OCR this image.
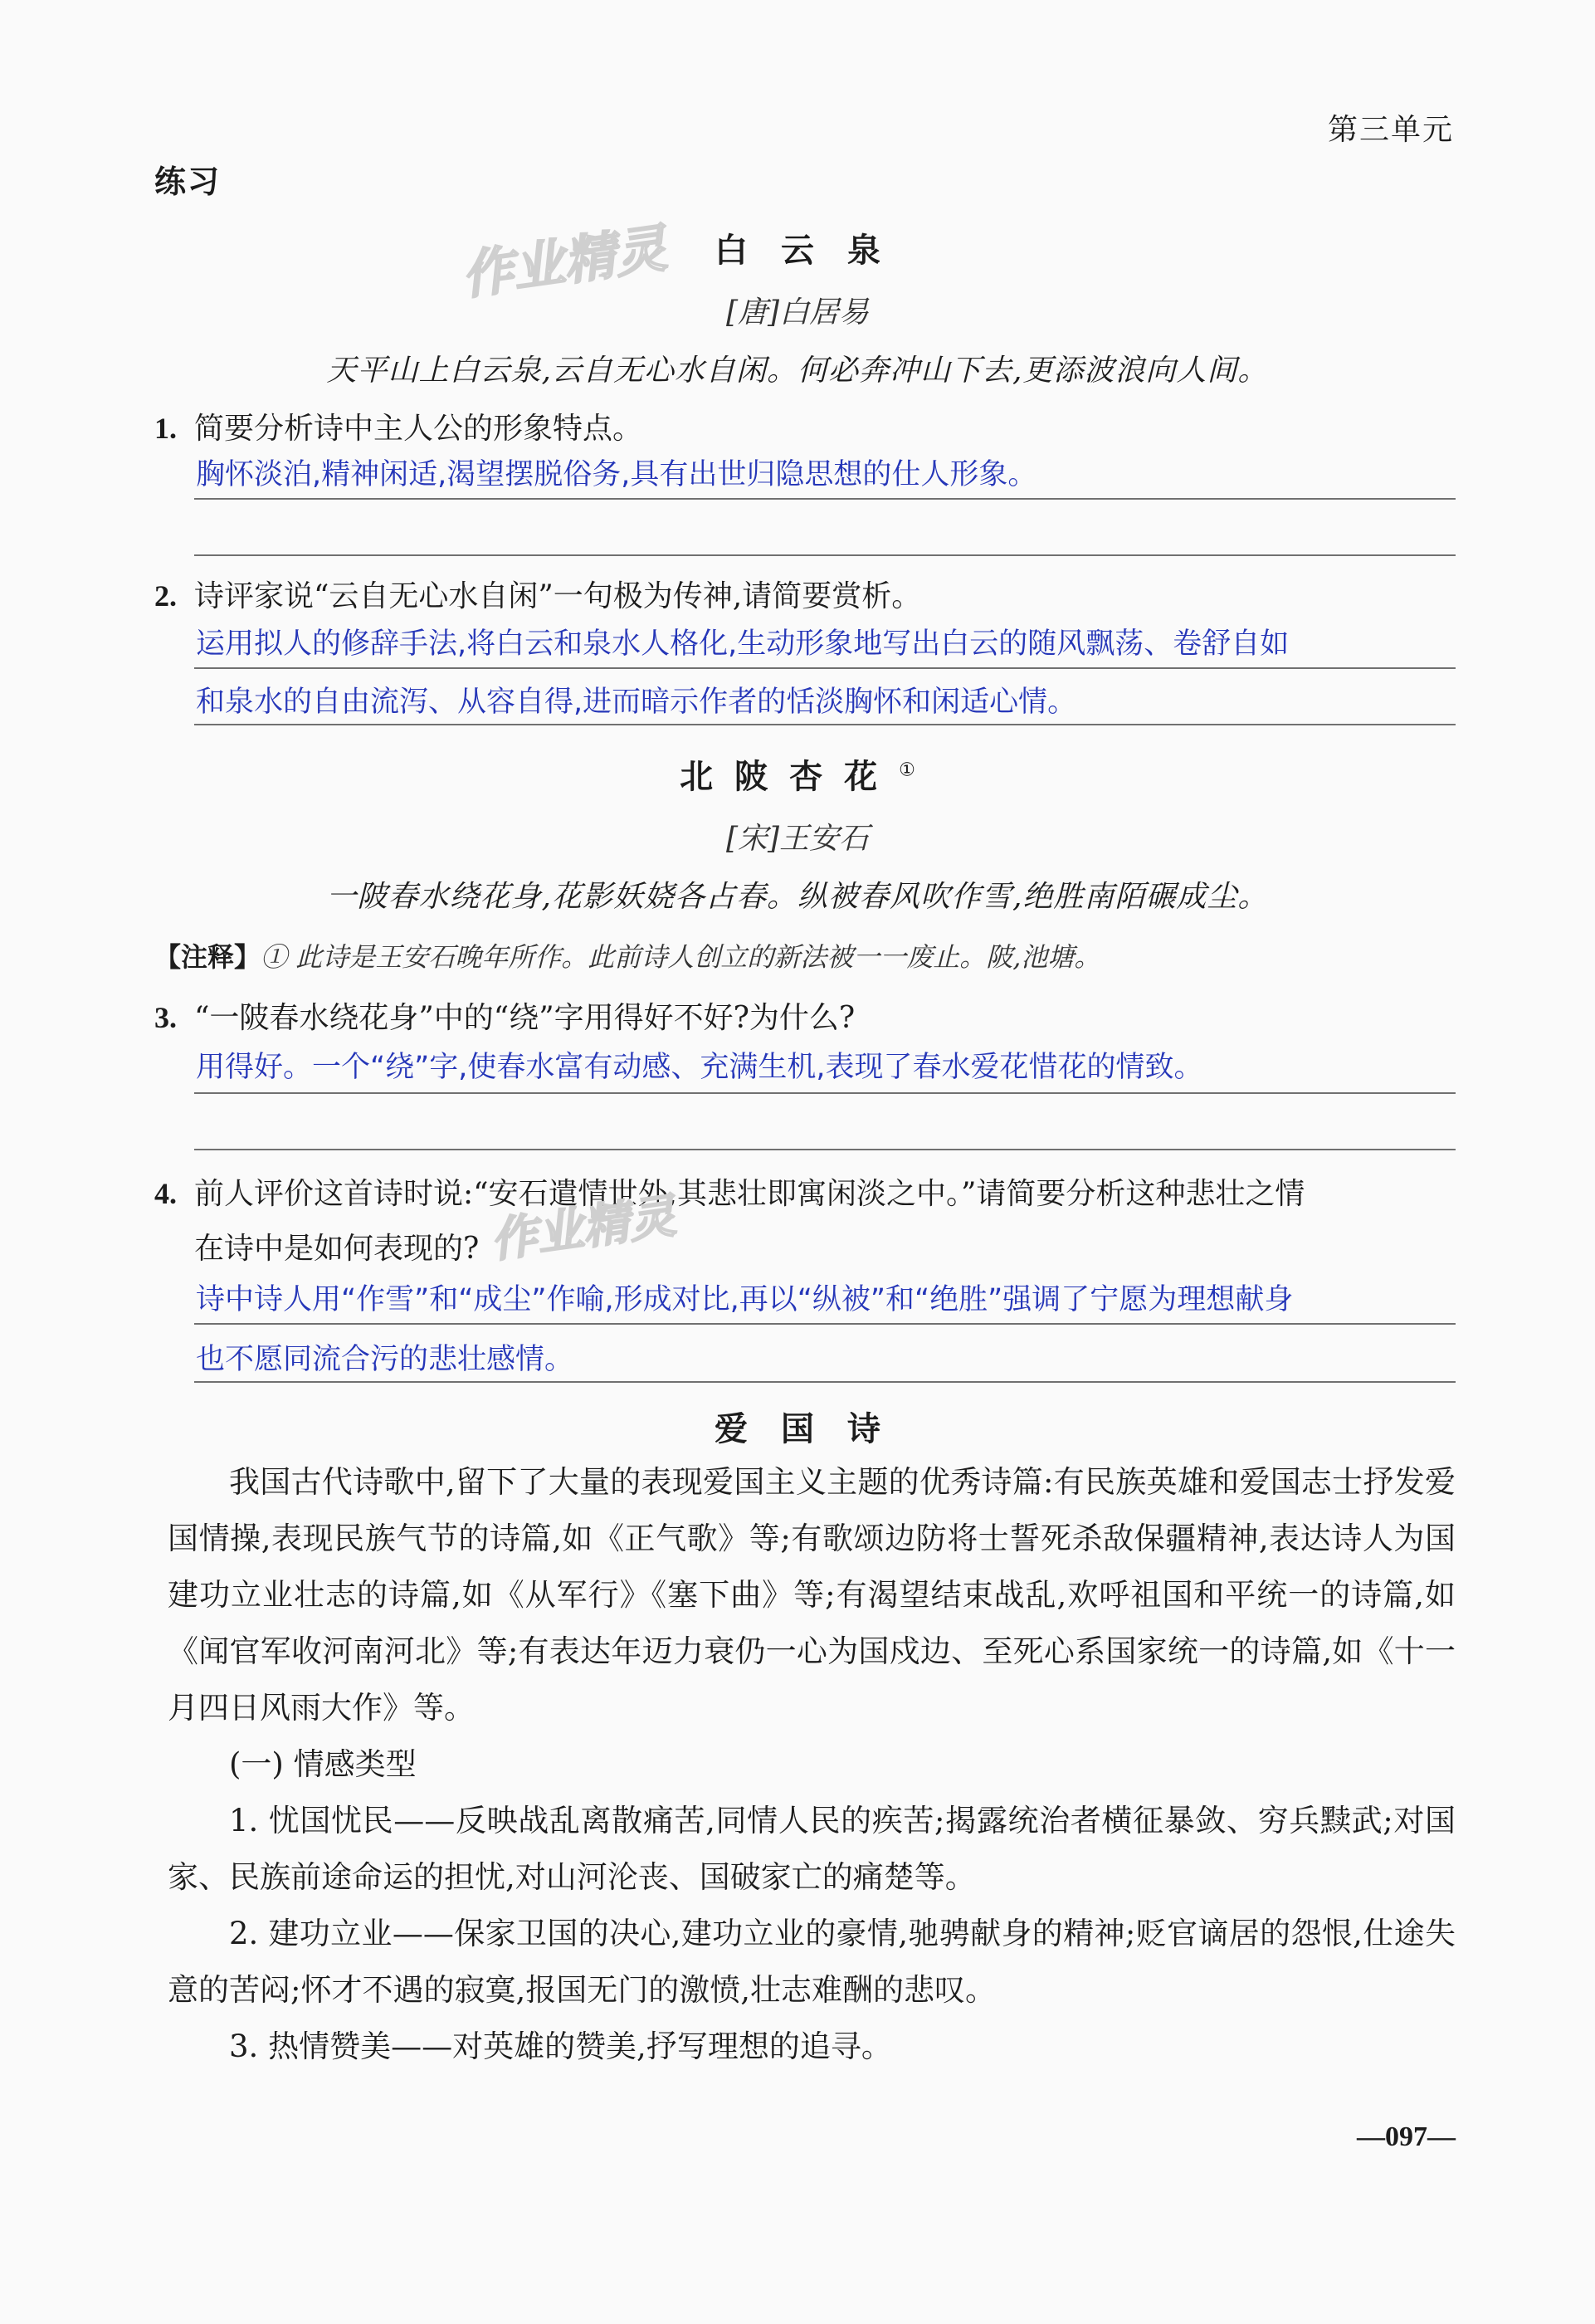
第三单元
练习
作业精灵	白云泉
[唐]白居易
天平山上白云泉,云自无心水自闲。何必奔冲山下去,更添波浪向人间。
1. 简要分析诗中主人公的形象特点。
胸怀淡泊,精神闲适,渴望摆脱俗务,具有出世归隐思想的仕人形象。
2. 诗评家说“云自无心水自闲”一句极为传神,请简要赏析。
运用拟人的修辞手法,将白云和泉水人格化,生动形象地写出白云的随风飘荡、卷舒自如
和泉水的自由流泻、从容自得,进而暗示作者的恬淡胸怀和闲适心情。
北陂杏花①
[宋]王安石
一陂春水绕花身,花影妖娆各占春。纵被春风吹作雪,绝胜南陌碾成尘。
【注释】① 此诗是王安石晚年所作。此前诗人创立的新法被一一废止。陂,池塘。
3. “一陂春水绕花身”中的“绕”字用得好不好?为什么?
用得好。一个“绕”字,使春水富有动感、充满生机,表现了春水爱花惜花的情致。
4. 前人评价这首诗时说:“安石遣情世外,其悲壮即寓闲淡之中。”请简要分析这种悲壮之情
在诗中是如何表现的? 作业精灵
诗中诗人用“作雪”和“成尘”作喻,形成对比,再以“纵被”和“绝胜”强调了宁愿为理想献身
也不愿同流合污的悲壮感情。
爱国诗
我国古代诗歌中,留下了大量的表现爱国主义主题的优秀诗篇:有民族英雄和爱国志士抒发爱国情操,表现民族气节的诗篇,如《正气歌》等;有歌颂边防将士誓死杀敌保疆精神,表达诗人为国建功立业壮志的诗篇,如《从军行》《塞下曲》等;有渴望结束战乱,欢呼祖国和平统一的诗篇,如《闻官军收河南河北》等;有表达年迈力衰仍一心为国戍边、至死心系国家统一的诗篇,如《十一月四日风雨大作》等。
(一) 情感类型
1. 忧国忧民——反映战乱离散痛苦,同情人民的疾苦;揭露统治者横征暴敛、穷兵黩武;对国家、民族前途命运的担忧,对山河沦丧、国破家亡的痛楚等。
2. 建功立业——保家卫国的决心,建功立业的豪情,驰骋献身的精神;贬官谪居的怨恨,仕途失意的苦闷;怀才不遇的寂寞,报国无门的激愤,壮志难酬的悲叹。
3. 热情赞美——对英雄的赞美,抒写理想的追寻。
—097—
